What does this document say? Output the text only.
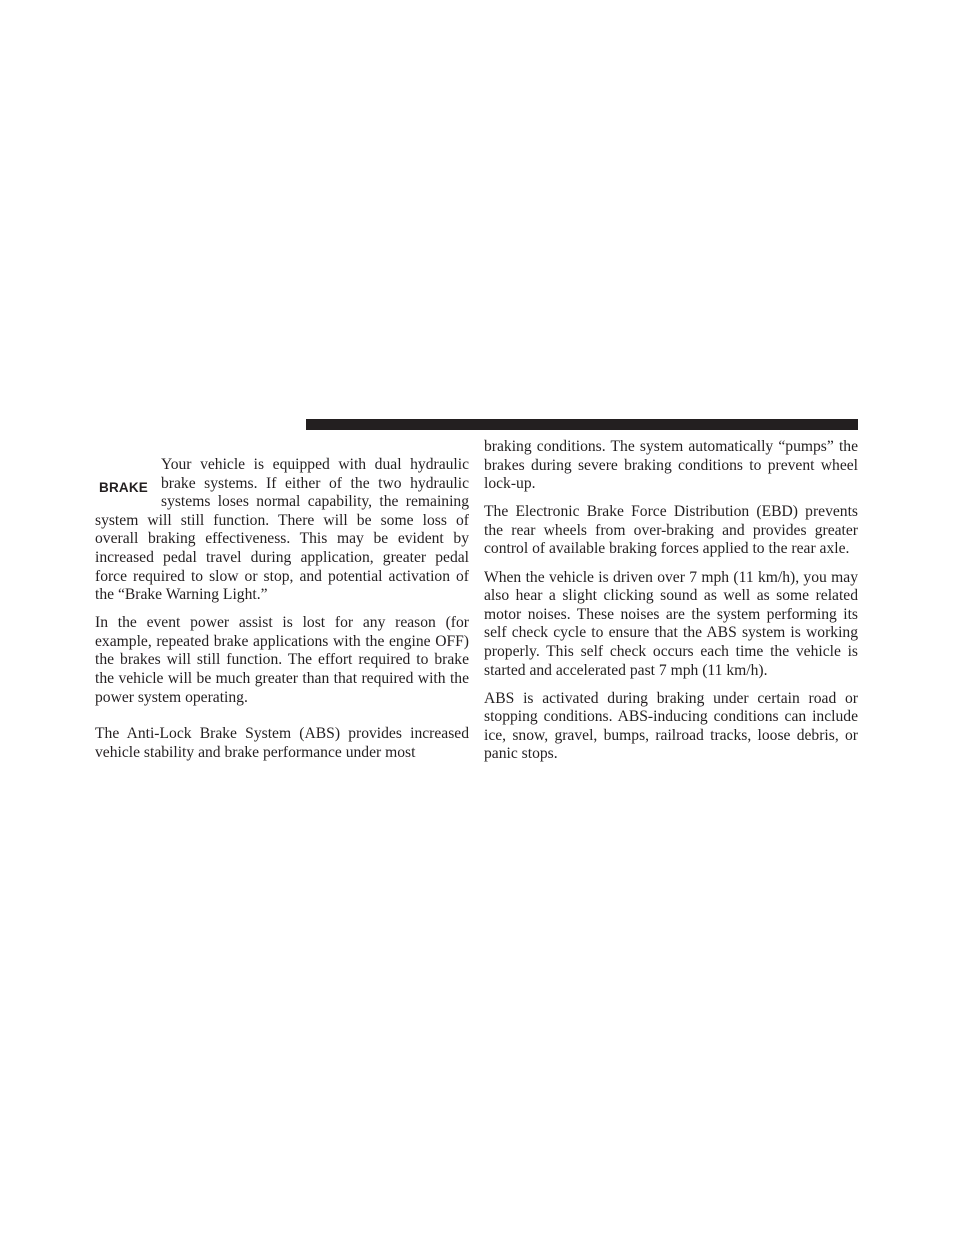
BRAKE

Your vehicle is equipped with dual hydraulic brake systems. If either of the two hydraulic systems loses normal capability, the remaining system will still function. There will be some loss of overall braking effectiveness. This may be evident by increased pedal travel during application, greater pedal force required to slow or stop, and potential activation of the “Brake Warning Light.”

In the event power assist is lost for any reason (for example, repeated brake applications with the engine OFF) the brakes will still function. The effort required to brake the vehicle will be much greater than that required with the power system operating.

The Anti-Lock Brake System (ABS) provides increased vehicle stability and brake performance under most

braking conditions. The system automatically “pumps” the brakes during severe braking conditions to prevent wheel lock-up.

The Electronic Brake Force Distribution (EBD) prevents the rear wheels from over-braking and provides greater control of available braking forces applied to the rear axle.

When the vehicle is driven over 7 mph (11 km/h), you may also hear a slight clicking sound as well as some related motor noises. These noises are the system performing its self check cycle to ensure that the ABS system is working properly. This self check occurs each time the vehicle is started and accelerated past 7 mph (11 km/h).

ABS is activated during braking under certain road or stopping conditions. ABS-inducing conditions can include ice, snow, gravel, bumps, railroad tracks, loose debris, or panic stops.
